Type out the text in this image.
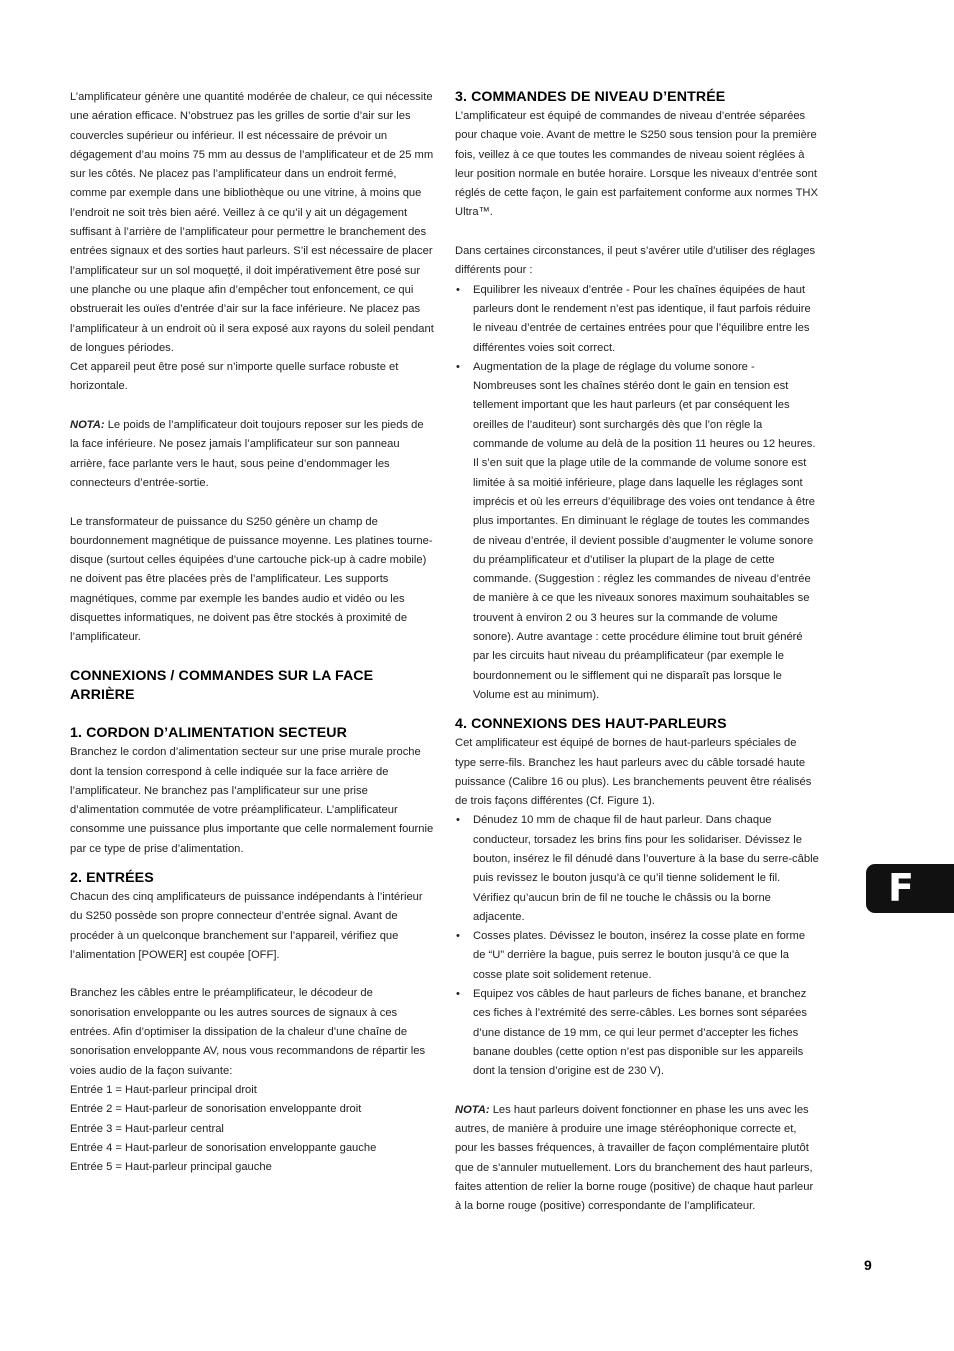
L’amplificateur génère une quantité modérée de chaleur, ce qui nécessite une aération efficace. N’obstruez pas les grilles de sortie d’air sur les couvercles supérieur ou inférieur. Il est nécessaire de prévoir un dégagement d’au moins 75 mm au dessus de l’amplificateur et de 25 mm sur les côtés. Ne placez pas l’amplificateur dans un endroit fermé, comme par exemple dans une bibliothèque ou une vitrine, à moins que l’endroit ne soit très bien aéré. Veillez à ce qu’il y ait un dégagement suffisant à l’arrière de l’amplificateur pour permettre le branchement des entrées signaux et des sorties haut parleurs. S’il est nécessaire de placer l’amplificateur sur un sol moqueţté, il doit impérativement être posé sur une planche ou une plaque afin d’empêcher tout enfoncement, ce qui obstruerait les ouïes d’entrée d’air sur la face inférieure. Ne placez pas l’amplificateur à un endroit où il sera exposé aux rayons du soleil pendant de longues périodes.

Cet appareil peut être posé sur n’importe quelle surface robuste et horizontale.

NOTA: Le poids de l’amplificateur doit toujours reposer sur les pieds de la face inférieure. Ne posez jamais l’amplificateur sur son panneau arrière, face parlante vers le haut, sous peine d’endommager les connecteurs d’entrée-sortie.

Le transformateur de puissance du S250 génère un champ de bourdonnement magnétique de puissance moyenne. Les platines tourne-disque (surtout celles équipées d’une cartouche pick-up à cadre mobile) ne doivent pas être placées près de l’amplificateur. Les supports magnétiques, comme par exemple les bandes audio et vidéo ou les disquettes informatiques, ne doivent pas être stockés à proximité de l’amplificateur.

CONNEXIONS / COMMANDES SUR LA FACE ARRIÈRE
1. CORDON D’ALIMENTATION SECTEUR

Branchez le cordon d’alimentation secteur sur une prise murale proche dont la tension correspond à celle indiquée sur la face arrière de l’amplificateur. Ne branchez pas l’amplificateur sur une prise d’alimentation commutée de votre préamplificateur. L’amplificateur consomme une puissance plus importante que celle normalement fournie par ce type de prise d’alimentation.

2. ENTRÉES

Chacun des cinq amplificateurs de puissance indépendants à l’intérieur du S250 possède son propre connecteur d’entrée signal. Avant de procéder à un quelconque branchement sur l’appareil, vérifiez que l’alimentation [POWER] est coupée [OFF].

Branchez les câbles entre le préamplificateur, le décodeur de sonorisation enveloppante ou les autres sources de signaux à ces entrées. Afin d’optimiser la dissipation de la chaleur d’une chaîne de sonorisation enveloppante AV, nous vous recommandons de répartir les voies audio de la façon suivante:

Entrée 1 = Haut-parleur principal droit

Entrée 2 = Haut-parleur de sonorisation enveloppante droit

Entrée 3 = Haut-parleur central

Entrée 4 = Haut-parleur de sonorisation enveloppante gauche

Entrée 5 = Haut-parleur principal gauche

3. COMMANDES DE NIVEAU D’ENTRÉE

L’amplificateur est équipé de commandes de niveau d’entrée séparées pour chaque voie. Avant de mettre le S250 sous tension pour la première fois, veillez à ce que toutes les commandes de niveau soient réglées à leur position normale en butée horaire. Lorsque les niveaux d’entrée sont réglés de cette façon, le gain est parfaitement conforme aux normes THX Ultra™.

Dans certaines circonstances, il peut s’avérer utile d’utiliser des réglages différents pour :

• Equilibrer les niveaux d’entrée - Pour les chaînes équipées de haut parleurs dont le rendement n’est pas identique, il faut parfois réduire le niveau d’entrée de certaines entrées pour que l’équilibre entre les différentes voies soit correct.
• Augmentation de la plage de réglage du volume sonore - Nombreuses sont les chaînes stéréo dont le gain en tension est tellement important que les haut parleurs (et par conséquent les oreilles de l’auditeur) sont surchargés dès que l’on règle la commande de volume au delà de la position 11 heures ou 12 heures. Il s’en suit que la plage utile de la commande de volume sonore est limitée à sa moitié inférieure, plage dans laquelle les réglages sont imprécis et où les erreurs d’équilibrage des voies ont tendance à être plus importantes. En diminuant le réglage de toutes les commandes de niveau d’entrée, il devient possible d’augmenter le volume sonore du préamplificateur et d’utiliser la plupart de la plage de cette commande. (Suggestion : réglez les commandes de niveau d’entrée de manière à ce que les niveaux sonores maximum souhaitables se trouvent à environ 2 ou 3 heures sur la commande de volume sonore). Autre avantage : cette procédure élimine tout bruit généré par les circuits haut niveau du préamplificateur (par exemple le bourdonnement ou le sifflement qui ne disparaît pas lorsque le Volume est au minimum).
4. CONNEXIONS DES HAUT-PARLEURS

Cet amplificateur est équipé de bornes de haut-parleurs spéciales de type serre-fils. Branchez les haut parleurs avec du câble torsadé haute puissance (Calibre 16 ou plus). Les branchements peuvent être réalisés de trois façons différentes (Cf. Figure 1).

• Dénudez 10 mm de chaque fil de haut parleur. Dans chaque conducteur, torsadez les brins fins pour les solidariser. Dévissez le bouton, insérez le fil dénudé dans l’ouverture à la base du serre-câble puis revissez le bouton jusqu’à ce qu’il tienne solidement le fil. Vérifiez qu’aucun brin de fil ne touche le châssis ou la borne adjacente.
• Cosses plates. Dévissez le bouton, insérez la cosse plate en forme de “U” derrière la bague, puis serrez le bouton jusqu’à ce que la cosse plate soit solidement retenue.
• Equipez vos câbles de haut parleurs de fiches banane, et branchez ces fiches à l’extrémité des serre-câbles. Les bornes sont séparées d’une distance de 19 mm, ce qui leur permet d’accepter les fiches banane doubles (cette option n’est pas disponible sur les appareils dont la tension d’origine est de 230 V).

NOTA: Les haut parleurs doivent fonctionner en phase les uns avec les autres, de manière à produire une image stéréophonique correcte et, pour les basses fréquences, à travailler de façon complémentaire plutôt que de s’annuler mutuellement. Lors du branchement des haut parleurs, faites attention de relier la borne rouge (positive) de chaque haut parleur à la borne rouge (positive) correspondante de l’amplificateur.

F
9
